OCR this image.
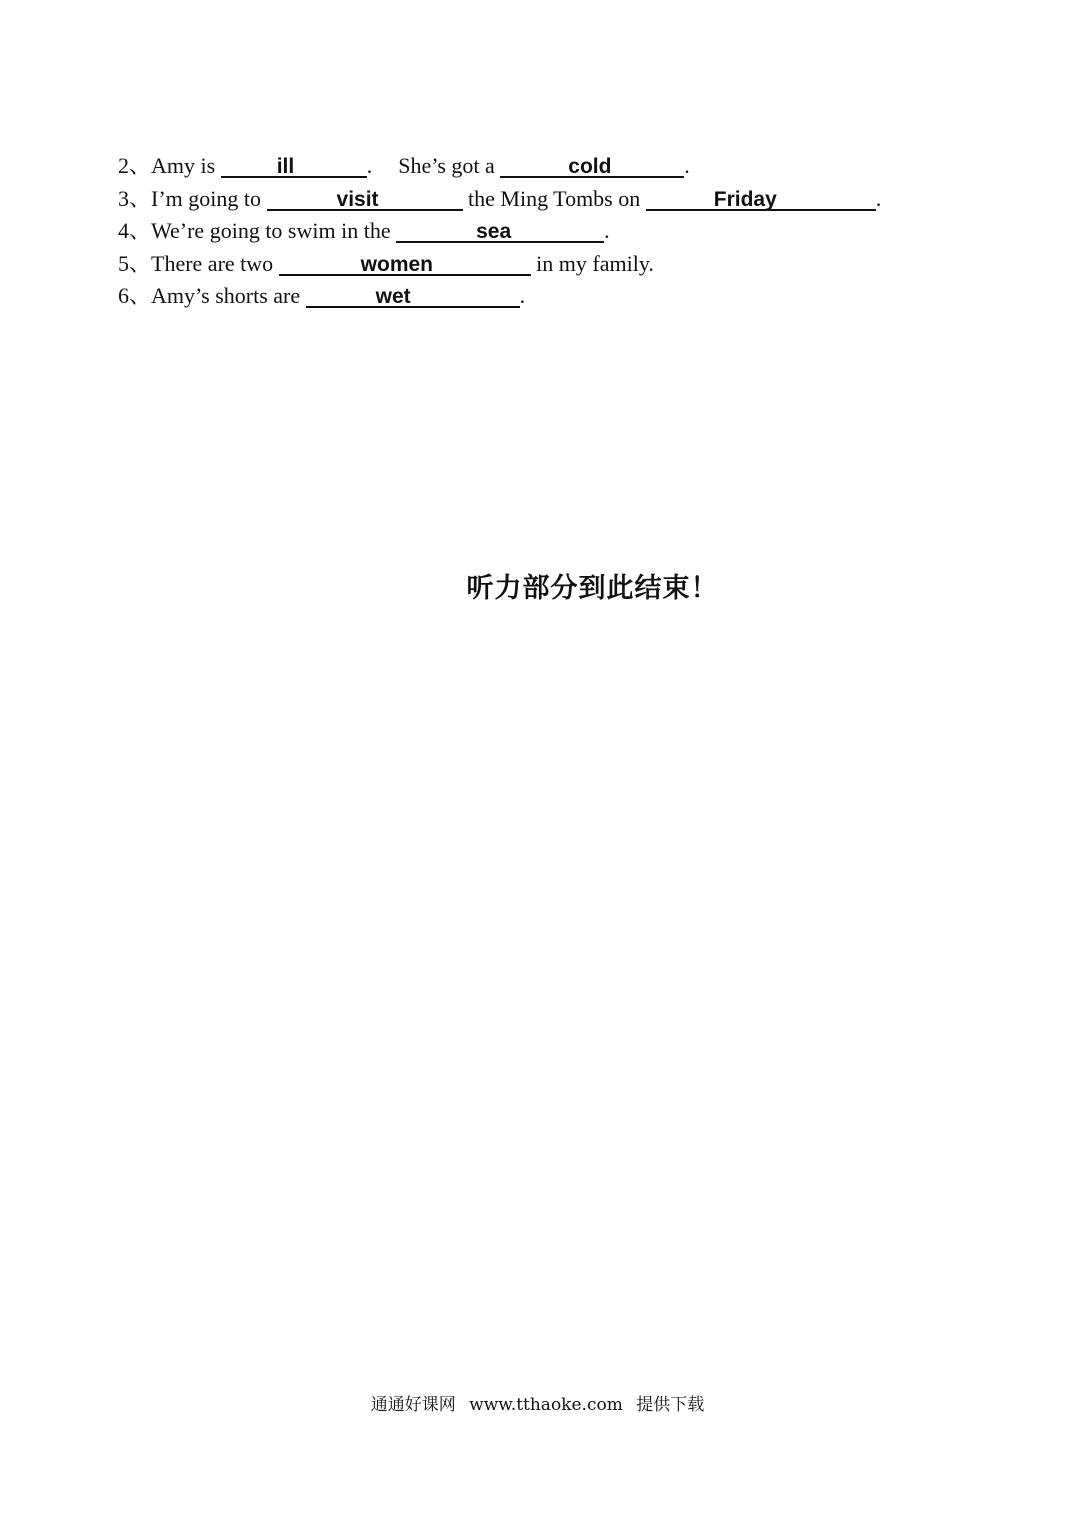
2、Amy is	ill	. She’s got a	cold	.
3、I’m going to	visit	the Ming Tombs on	Friday	.
4、We’re going to swim in the	sea	.
5、There are two	women	in my family.
6、Amy’s shorts are	wet	.
听力部分到此结束！
通通好课网 www.tthaoke.com 提供下载
